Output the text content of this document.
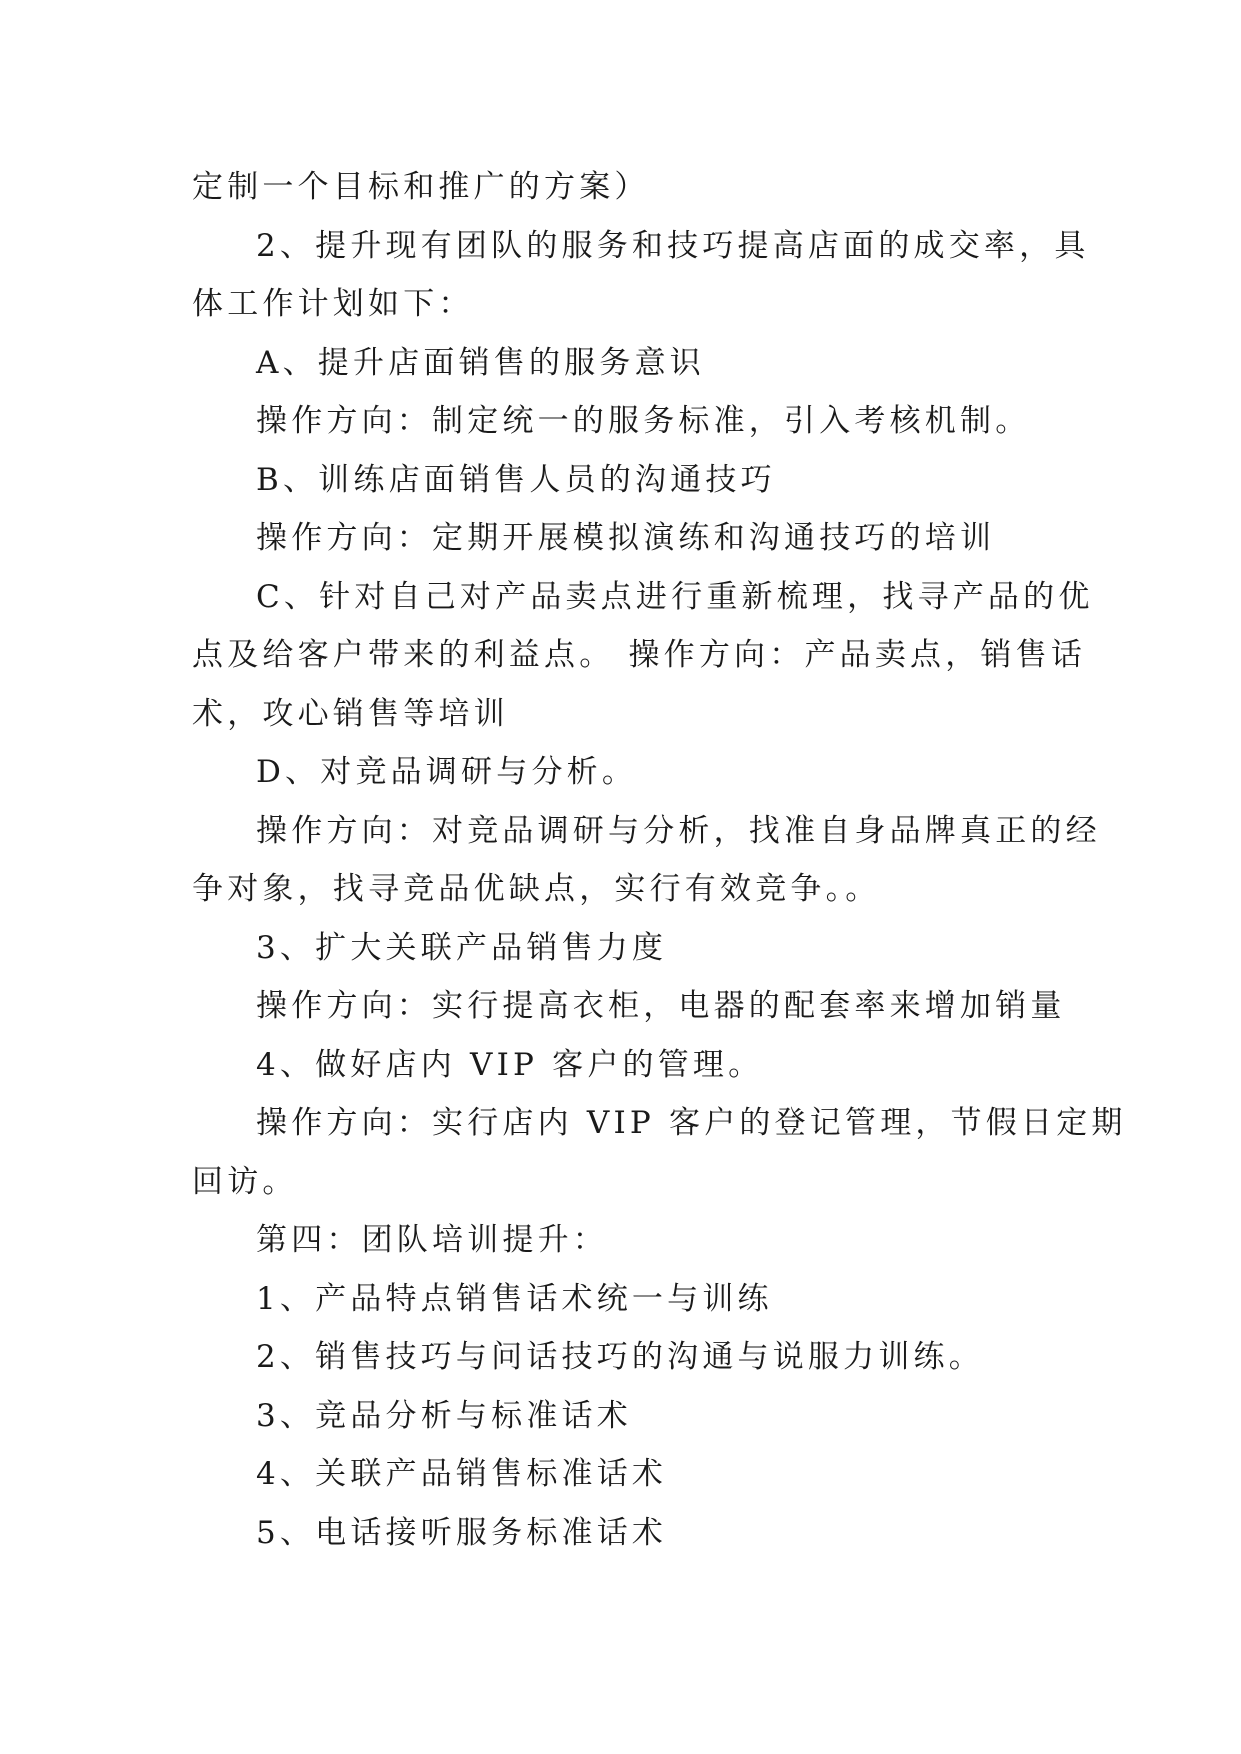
定制一个目标和推广的方案）

2、提升现有团队的服务和技巧提高店面的成交率，具

体工作计划如下：

A、提升店面销售的服务意识

操作方向：制定统一的服务标准，引入考核机制。

B、训练店面销售人员的沟通技巧

操作方向：定期开展模拟演练和沟通技巧的培训

C、针对自己对产品卖点进行重新梳理，找寻产品的优

点及给客户带来的利益点。 操作方向：产品卖点，销售话

术，攻心销售等培训

D、对竞品调研与分析。

操作方向：对竞品调研与分析，找准自身品牌真正的经

争对象，找寻竞品优缺点，实行有效竞争。。

3、扩大关联产品销售力度

操作方向：实行提高衣柜，电器的配套率来增加销量

4、做好店内 VIP 客户的管理。

操作方向：实行店内 VIP 客户的登记管理，节假日定期

回访。

第四：团队培训提升：

1、产品特点销售话术统一与训练

2、销售技巧与问话技巧的沟通与说服力训练。

3、竞品分析与标准话术

4、关联产品销售标准话术

5、电话接听服务标准话术
